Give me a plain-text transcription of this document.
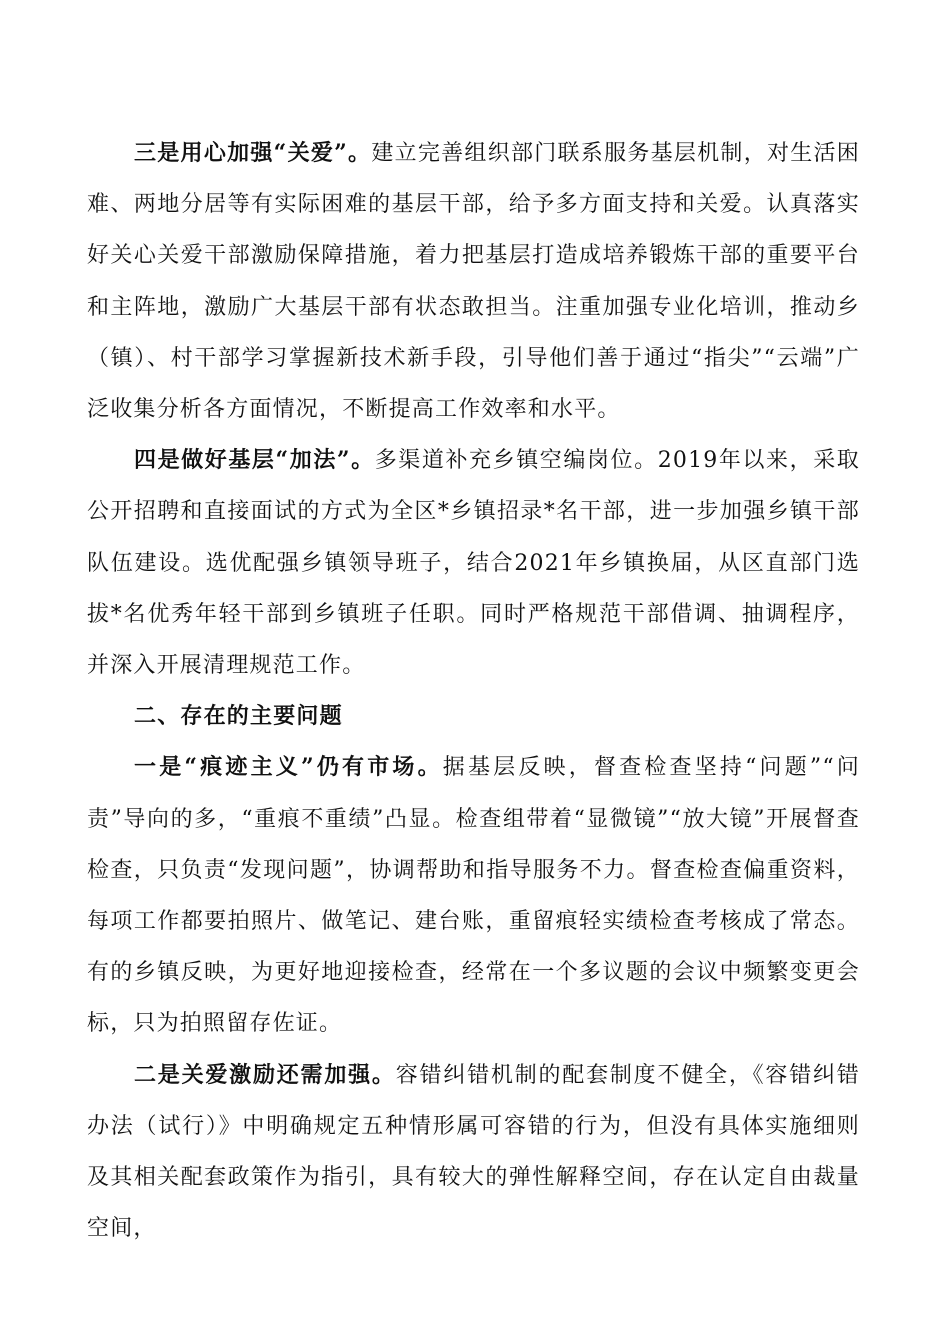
三是用心加强“关爱”。建立完善组织部门联系服务基层机制，对生活困难、两地分居等有实际困难的基层干部，给予多方面支持和关爱。认真落实好关心关爱干部激励保障措施，着力把基层打造成培养锻炼干部的重要平台和主阵地，激励广大基层干部有状态敢担当。注重加强专业化培训，推动乡（镇）、村干部学习掌握新技术新手段，引导他们善于通过“指尖”“云端”广泛收集分析各方面情况，不断提高工作效率和水平。

四是做好基层“加法”。多渠道补充乡镇空编岗位。2019年以来，采取公开招聘和直接面试的方式为全区*乡镇招录*名干部，进一步加强乡镇干部队伍建设。选优配强乡镇领导班子，结合2021年乡镇换届，从区直部门选拔*名优秀年轻干部到乡镇班子任职。同时严格规范干部借调、抽调程序，并深入开展清理规范工作。

二、存在的主要问题

一是“痕迹主义”仍有市场。据基层反映，督查检查坚持“问题”“问责”导向的多，“重痕不重绩”凸显。检查组带着“显微镜”“放大镜”开展督查检查，只负责“发现问题”，协调帮助和指导服务不力。督查检查偏重资料，每项工作都要拍照片、做笔记、建台账，重留痕轻实绩检查考核成了常态。有的乡镇反映，为更好地迎接检查，经常在一个多议题的会议中频繁变更会标，只为拍照留存佐证。

二是关爱激励还需加强。容错纠错机制的配套制度不健全，《容错纠错办法（试行）》中明确规定五种情形属可容错的行为，但没有具体实施细则及其相关配套政策作为指引，具有较大的弹性解释空间，存在认定自由裁量空间，
